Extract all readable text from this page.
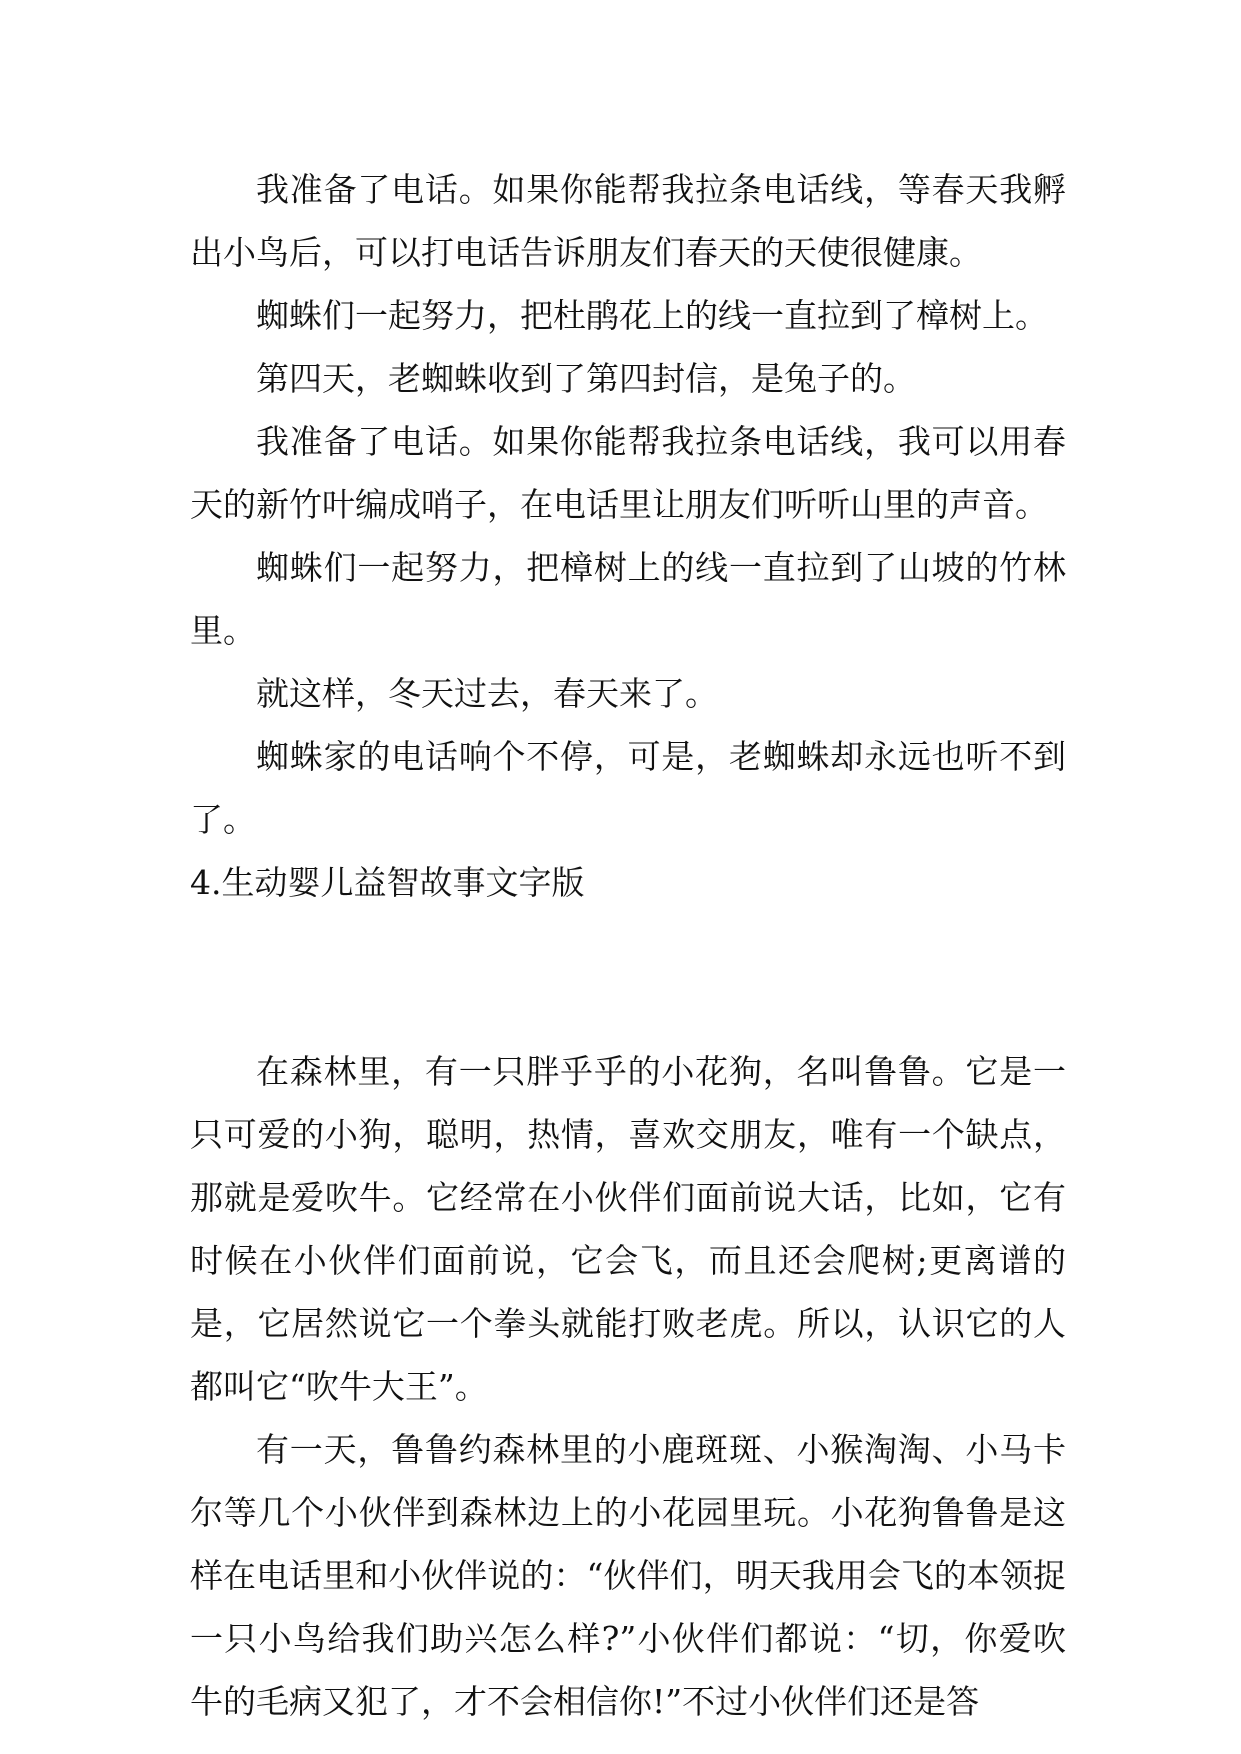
我准备了电话。如果你能帮我拉条电话线，等春天我孵出小鸟后，可以打电话告诉朋友们春天的天使很健康。

蜘蛛们一起努力，把杜鹃花上的线一直拉到了樟树上。

第四天，老蜘蛛收到了第四封信，是兔子的。

我准备了电话。如果你能帮我拉条电话线，我可以用春天的新竹叶编成哨子，在电话里让朋友们听听山里的声音。

蜘蛛们一起努力，把樟树上的线一直拉到了山坡的竹林里。

就这样，冬天过去，春天来了。

蜘蛛家的电话响个不停，可是，老蜘蛛却永远也听不到了。

4.生动婴儿益智故事文字版

在森林里，有一只胖乎乎的小花狗，名叫鲁鲁。它是一只可爱的小狗，聪明，热情，喜欢交朋友，唯有一个缺点，那就是爱吹牛。它经常在小伙伴们面前说大话，比如，它有时候在小伙伴们面前说，它会飞，而且还会爬树;更离谱的是，它居然说它一个拳头就能打败老虎。所以，认识它的人都叫它“吹牛大王”。

有一天，鲁鲁约森林里的小鹿斑斑、小猴淘淘、小马卡尔等几个小伙伴到森林边上的小花园里玩。小花狗鲁鲁是这样在电话里和小伙伴说的：“伙伴们，明天我用会飞的本领捉一只小鸟给我们助兴怎么样?”小伙伴们都说：“切，你爱吹牛的毛病又犯了，才不会相信你!”不过小伙伴们还是答
